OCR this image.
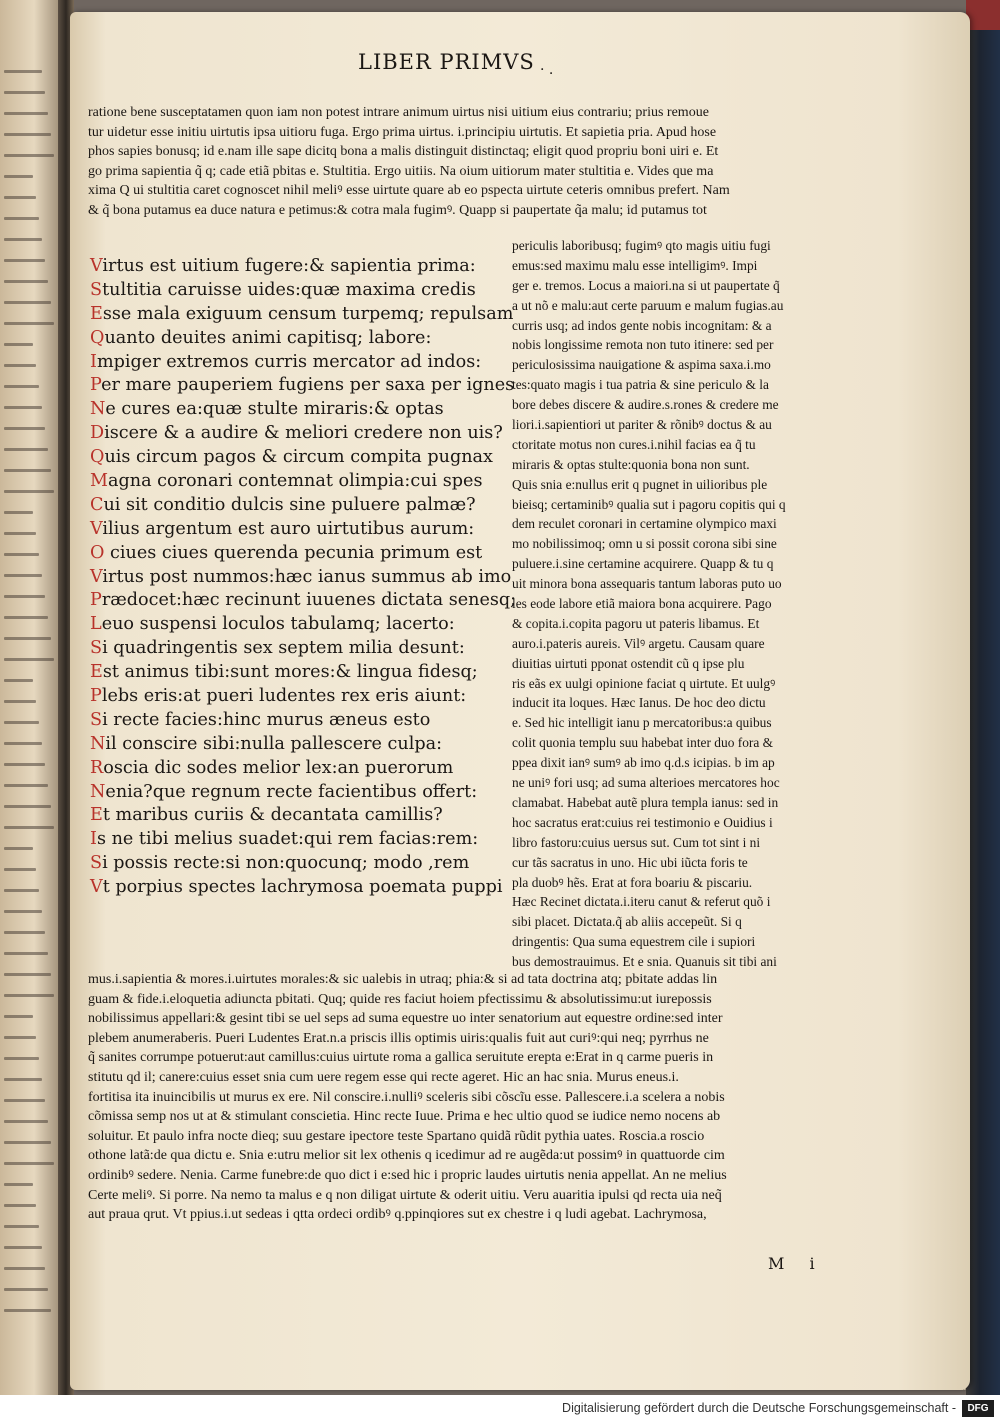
LIBER PRIMVS · .
ratione bene susceptatamen quon iam non potest intrare animum uirtus nisi uitium eius contrariu; prius remoue
tur uidetur esse initiu uirtutis ipsa uitioru fuga. Ergo prima uirtus. i.principiu uirtutis. Et sapietia pria. Apud hose
phos sapies bonusq; id e.nam ille sape dicitq bona a malis distinguit distinctaq; eligit quod propriu boni uiri e. Et
go prima sapientia q̃ q; cade etiã pbitas e. Stultitia. Ergo uitiis. Na oium uitiorum mater stultitia e. Vides que ma
xima Q ui stultitia caret cognoscet nihil meliꝰ esse uirtute quare ab eo pspecta uirtute ceteris omnibus prefert. Nam
& q̃ bona putamus ea duce natura e petimus:& cotra mala fugimꝰ. Quapp si paupertate q̃a malu; id putamus tot
Virtus est uitium fugere:& sapientia prima:
Stultitia caruisse uides:quæ maxima credis
Esse mala exiguum censum turpemq; repulsam
Quanto deuites animi capitisq; labore:
Impiger extremos curris mercator ad indos:
Per mare pauperiem fugiens per saxa per ignes
Ne cures ea:quæ stulte miraris:& optas
Discere & a audire & meliori credere non uis?
Quis circum pagos & circum compita pugnax
Magna coronari contemnat olimpia:cui spes
Cui sit conditio dulcis sine puluere palmæ?
Vilius argentum est auro uirtutibus aurum:
O ciues ciues querenda pecunia primum est
Virtus post nummos:hæc ianus summus ab imo
Prædocet:hæc recinunt iuuenes dictata senesq;
Leuo suspensi loculos tabulamq; lacerto:
Si quadringentis sex septem milia desunt:
Est animus tibi:sunt mores:& lingua fidesq;
Plebs eris:at pueri ludentes rex eris aiunt:
Si recte facies:hinc murus æneus esto
Nil conscire sibi:nulla pallescere culpa:
Roscia dic sodes melior lex:an puerorum
Nenia?que regnum recte facientibus offert:
Et maribus curiis & decantata camillis?
Is ne tibi melius suadet:qui rem facias:rem:
Si possis recte:si non:quocunq; modo ,rem
Vt porpius spectes lachrymosa poemata puppi
periculis laboribusq; fugimꝰ qto magis uitiu fugi
emus:sed maximu malu esse intelligimꝰ. Impi
ger e. tremos. Locus a maiori.na si ut paupertate q̃
a ut nõ e malu:aut certe paruum e malum fugias.au
curris usq; ad indos gente nobis incognitam: & a
nobis longissime remota non tuto itinere: sed per
periculosissima nauigatione & aspima saxa.i.mo
tes:quato magis i tua patria & sine periculo & la
bore debes discere & audire.s.rones & credere me
liori.i.sapientiori ut pariter & rõnibꝰ doctus & au
ctoritate motus non cures.i.nihil facias ea q̃ tu
miraris & optas stulte:quonia bona non sunt.
Quis snia e:nullus erit q pugnet in uilioribus ple
bieisq; certaminibꝰ qualia sut i pagoru copitis qui q
dem reculet coronari in certamine olympico maxi
mo nobilissimoq; omn u si possit corona sibi sine
puluere.i.sine certamine acquirere. Quapp & tu q
uit minora bona assequaris tantum laboras puto uo
les eode labore etiã maiora bona acquirere. Pago
& copita.i.copita pagoru ut pateris libamus. Et
auro.i.pateris aureis. Vilꝰ argetu. Causam quare
diuitias uirtuti pponat ostendit cũ q ipse plu
ris eãs ex uulgi opinione faciat q uirtute. Et uulgꝰ
inducit ita loques. Hæc Ianus. De hoc deo dictu
e. Sed hic intelligit ianu p mercatoribus:a quibus
colit quonia templu suu habebat inter duo fora &
ppea dixit ianꝰ sumꝰ ab imo q.d.s icipias. b im ap
ne uniꝰ fori usq; ad suma alterioes mercatores hoc
clamabat. Habebat autẽ plura templa ianus: sed in
hoc sacratus erat:cuius rei testimonio e Ouidius i
libro fastoru:cuius uersus sut. Cum tot sint i ni
cur tãs sacratus in uno. Hic ubi iũcta foris te
pla duobꝰ hẽs. Erat at fora boariu & piscariu.
Hæc Recinet dictata.i.iteru canut & referut quõ i
sibi placet. Dictata.q̃ ab aliis accepeũt. Si q
dringentis: Qua suma equestrem cile i supiori
bus demostrauimus. Et e snia. Quanuis sit tibi ani
mus.i.sapientia & mores.i.uirtutes morales:& sic ualebis in utraq; phia:& si ad tata doctrina atq; pbitate addas lin
guam & fide.i.eloquetia adiuncta pbitati. Quq; quide res faciut hoiem pfectissimu & absolutissimu:ut iurepossis
nobilissimus appellari:& gesint tibi se uel seps ad suma equestre uo inter senatorium aut equestre ordine:sed inter
plebem anumeraberis. Pueri Ludentes Erat.n.a priscis illis optimis uiris:qualis fuit aut curiꝰ:qui neq; pyrrhus ne
q̃ sanites corrumpe potuerut:aut camillus:cuius uirtute roma a gallica seruitute erepta e:Erat in q carme pueris in
stitutu qd il; canere:cuius esset snia cum uere regem esse qui recte ageret. Hic an hac snia. Murus eneus.i.
fortitisa ita inuincibilis ut murus ex ere. Nil conscire.i.nulliꝰ sceleris sibi cõscĩu esse. Pallescere.i.a scelera a nobis
cõmissa semp nos ut at & stimulant conscietia. Hinc recte Iuue. Prima e hec ultio quod se iudice nemo nocens ab
soluitur. Et paulo infra nocte dieq; suu gestare ipectore teste Spartano quidã rũdit pythia uates. Roscia.a roscio
othone latã:de qua dictu e. Snia e:utru melior sit lex othenis q icedimur ad re augẽda:ut possimꝰ in quattuorde cim
ordinibꝰ sedere. Nenia. Carme funebre:de quo dict i e:sed hic i propric laudes uirtutis nenia appellat. An ne melius
Certe meliꝰ. Si porre. Na nemo ta malus e q non diligat uirtute & oderit uitiu. Veru auaritia ipulsi qd recta uia neq̃
aut praua qrut. Vt ppius.i.ut sedeas i qtta ordeci ordibꝰ q.ppinqiores sut ex chestre i q ludi agebat. Lachrymosa,
M i
Digitalisierung gefördert durch die Deutsche Forschungsgemeinschaft -	DFG
